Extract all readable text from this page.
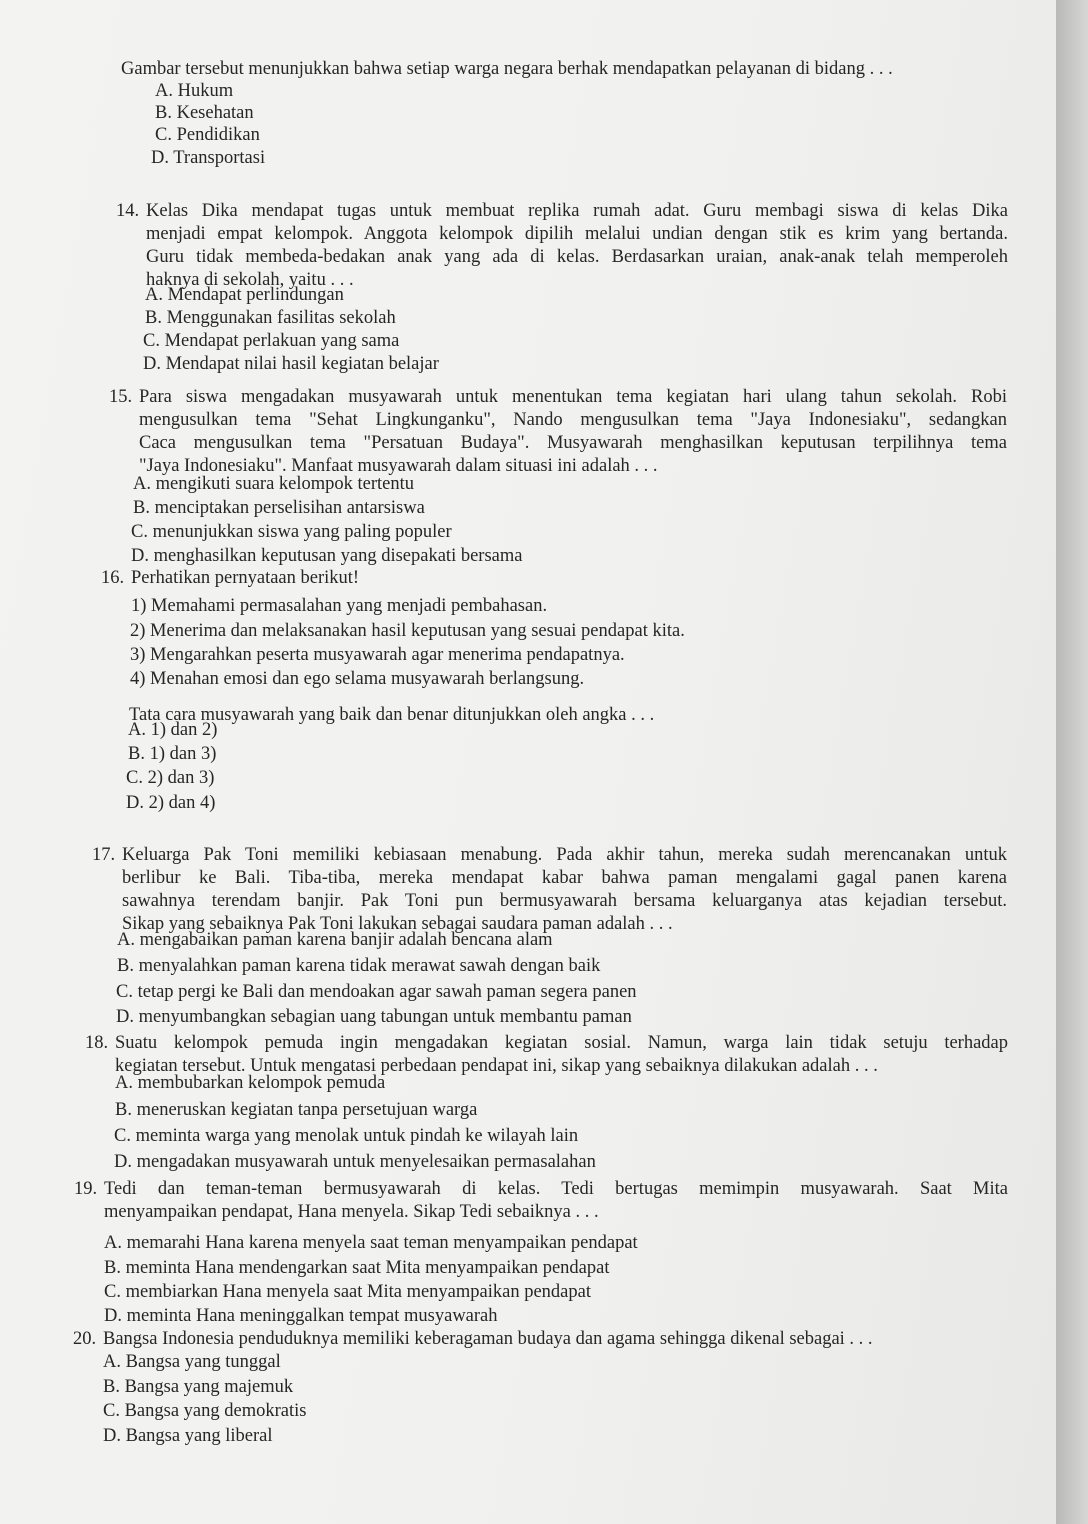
Gambar tersebut menunjukkan bahwa setiap warga negara berhak mendapatkan pelayanan di bidang . . .
A. Hukum
B. Kesehatan
C. Pendidikan
D. Transportasi
14. Kelas Dika mendapat tugas untuk membuat replika rumah adat. Guru membagi siswa di kelas Dika
menjadi empat kelompok. Anggota kelompok dipilih melalui undian dengan stik es krim yang bertanda.
Guru tidak membeda-bedakan anak yang ada di kelas. Berdasarkan uraian, anak-anak telah memperoleh
haknya di sekolah, yaitu . . .
A. Mendapat perlindungan
B. Menggunakan fasilitas sekolah
C. Mendapat perlakuan yang sama
D. Mendapat nilai hasil kegiatan belajar
15. Para siswa mengadakan musyawarah untuk menentukan tema kegiatan hari ulang tahun sekolah. Robi
mengusulkan tema "Sehat Lingkunganku", Nando mengusulkan tema "Jaya Indonesiaku", sedangkan
Caca mengusulkan tema "Persatuan Budaya". Musyawarah menghasilkan keputusan terpilihnya tema
"Jaya Indonesiaku". Manfaat musyawarah dalam situasi ini adalah . . .
A. mengikuti suara kelompok tertentu
B. menciptakan perselisihan antarsiswa
C. menunjukkan siswa yang paling populer
D. menghasilkan keputusan yang disepakati bersama
16. Perhatikan pernyataan berikut!
1) Memahami permasalahan yang menjadi pembahasan.
2) Menerima dan melaksanakan hasil keputusan yang sesuai pendapat kita.
3) Mengarahkan peserta musyawarah agar menerima pendapatnya.
4) Menahan emosi dan ego selama musyawarah berlangsung.
Tata cara musyawarah yang baik dan benar ditunjukkan oleh angka . . .
A. 1) dan 2)
B. 1) dan 3)
C. 2) dan 3)
D. 2) dan 4)
17. Keluarga Pak Toni memiliki kebiasaan menabung. Pada akhir tahun, mereka sudah merencanakan untuk
berlibur ke Bali. Tiba-tiba, mereka mendapat kabar bahwa paman mengalami gagal panen karena
sawahnya terendam banjir. Pak Toni pun bermusyawarah bersama keluarganya atas kejadian tersebut.
Sikap yang sebaiknya Pak Toni lakukan sebagai saudara paman adalah . . .
A. mengabaikan paman karena banjir adalah bencana alam
B. menyalahkan paman karena tidak merawat sawah dengan baik
C. tetap pergi ke Bali dan mendoakan agar sawah paman segera panen
D. menyumbangkan sebagian uang tabungan untuk membantu paman
18. Suatu kelompok pemuda ingin mengadakan kegiatan sosial. Namun, warga lain tidak setuju terhadap
kegiatan tersebut. Untuk mengatasi perbedaan pendapat ini, sikap yang sebaiknya dilakukan adalah . . .
A. membubarkan kelompok pemuda
B. meneruskan kegiatan tanpa persetujuan warga
C. meminta warga yang menolak untuk pindah ke wilayah lain
D. mengadakan musyawarah untuk menyelesaikan permasalahan
19. Tedi dan teman-teman bermusyawarah di kelas. Tedi bertugas memimpin musyawarah. Saat Mita
menyampaikan pendapat, Hana menyela. Sikap Tedi sebaiknya . . .
A. memarahi Hana karena menyela saat teman menyampaikan pendapat
B. meminta Hana mendengarkan saat Mita menyampaikan pendapat
C. membiarkan Hana menyela saat Mita menyampaikan pendapat
D. meminta Hana meninggalkan tempat musyawarah
20. Bangsa Indonesia penduduknya memiliki keberagaman budaya dan agama sehingga dikenal sebagai . . .
A. Bangsa yang tunggal
B. Bangsa yang majemuk
C. Bangsa yang demokratis
D. Bangsa yang liberal
